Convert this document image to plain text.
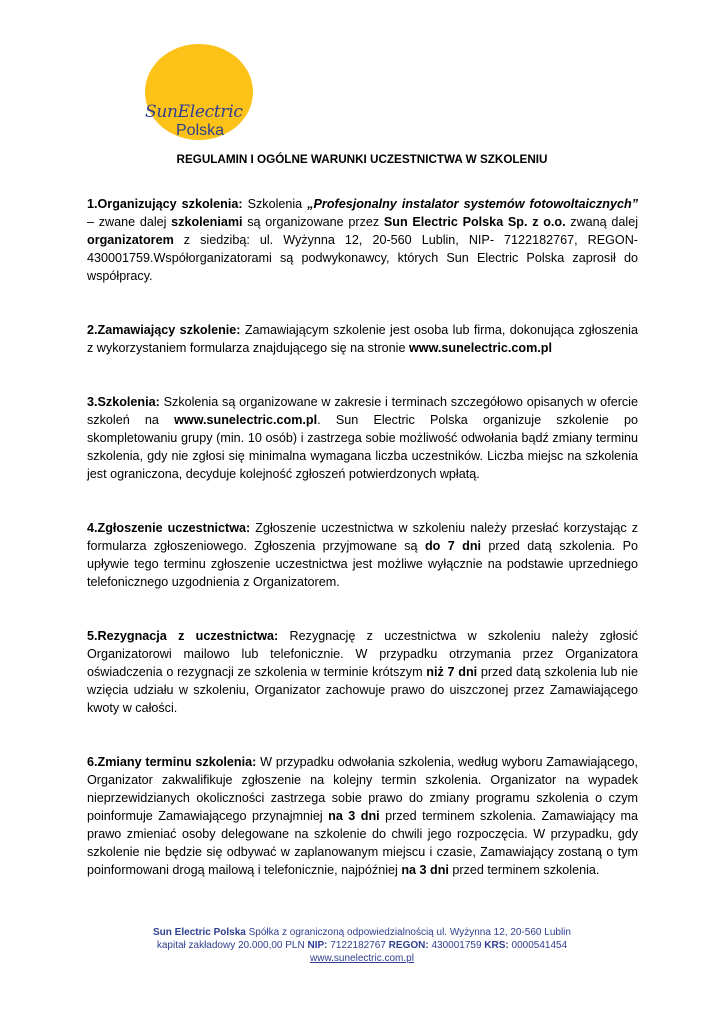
SunElectric
Polska
REGULAMIN I OGÓLNE WARUNKI UCZESTNICTWA W SZKOLENIU

1.Organizujący szkolenia: Szkolenia „Profesjonalny instalator systemów fotowoltaicznych” – zwane dalej szkoleniami są organizowane przez Sun Electric Polska Sp. z o.o. zwaną dalej organizatorem z siedzibą: ul. Wyżynna 12, 20-560 Lublin, NIP- 7122182767, REGON- 430001759.Współorganizatorami są podwykonawcy, których Sun Electric Polska zaprosił do współpracy.

2.Zamawiający szkolenie: Zamawiającym szkolenie jest osoba lub firma, dokonująca zgłoszenia z wykorzystaniem formularza znajdującego się na stronie www.sunelectric.com.pl

3.Szkolenia: Szkolenia są organizowane w zakresie i terminach szczegółowo opisanych w ofercie szkoleń na www.sunelectric.com.pl. Sun Electric Polska organizuje szkolenie po skompletowaniu grupy (min. 10 osób) i zastrzega sobie możliwość odwołania bądź zmiany terminu szkolenia, gdy nie zgłosi się minimalna wymagana liczba uczestników. Liczba miejsc na szkolenia jest ograniczona, decyduje kolejność zgłoszeń potwierdzonych wpłatą.

4.Zgłoszenie uczestnictwa: Zgłoszenie uczestnictwa w szkoleniu należy przesłać korzystając z formularza zgłoszeniowego. Zgłoszenia przyjmowane są do 7 dni przed datą szkolenia. Po upływie tego terminu zgłoszenie uczestnictwa jest możliwe wyłącznie na podstawie uprzedniego telefonicznego uzgodnienia z Organizatorem.

5.Rezygnacja z uczestnictwa: Rezygnację z uczestnictwa w szkoleniu należy zgłosić Organizatorowi mailowo lub telefonicznie. W przypadku otrzymania przez Organizatora oświadczenia o rezygnacji ze szkolenia w terminie krótszym niż 7 dni przed datą szkolenia lub nie wzięcia udziału w szkoleniu, Organizator zachowuje prawo do uiszczonej przez Zamawiającego kwoty w całości.

6.Zmiany terminu szkolenia: W przypadku odwołania szkolenia, według wyboru Zamawiającego, Organizator zakwalifikuje zgłoszenie na kolejny termin szkolenia. Organizator na wypadek nieprzewidzianych okoliczności zastrzega sobie prawo do zmiany programu szkolenia o czym poinformuje Zamawiającego przynajmniej na 3 dni przed terminem szkolenia. Zamawiający ma prawo zmieniać osoby delegowane na szkolenie do chwili jego rozpoczęcia. W przypadku, gdy szkolenie nie będzie się odbywać w zaplanowanym miejscu i czasie, Zamawiający zostaną o tym poinformowani drogą mailową i telefonicznie, najpóźniej na 3 dni przed terminem szkolenia.

Sun Electric Polska Spółka z ograniczoną odpowiedzialnością ul. Wyżynna 12, 20-560 Lublin
kapitał zakładowy 20.000,00 PLN NIP: 7122182767 REGON: 430001759 KRS: 0000541454
www.sunelectric.com.pl
